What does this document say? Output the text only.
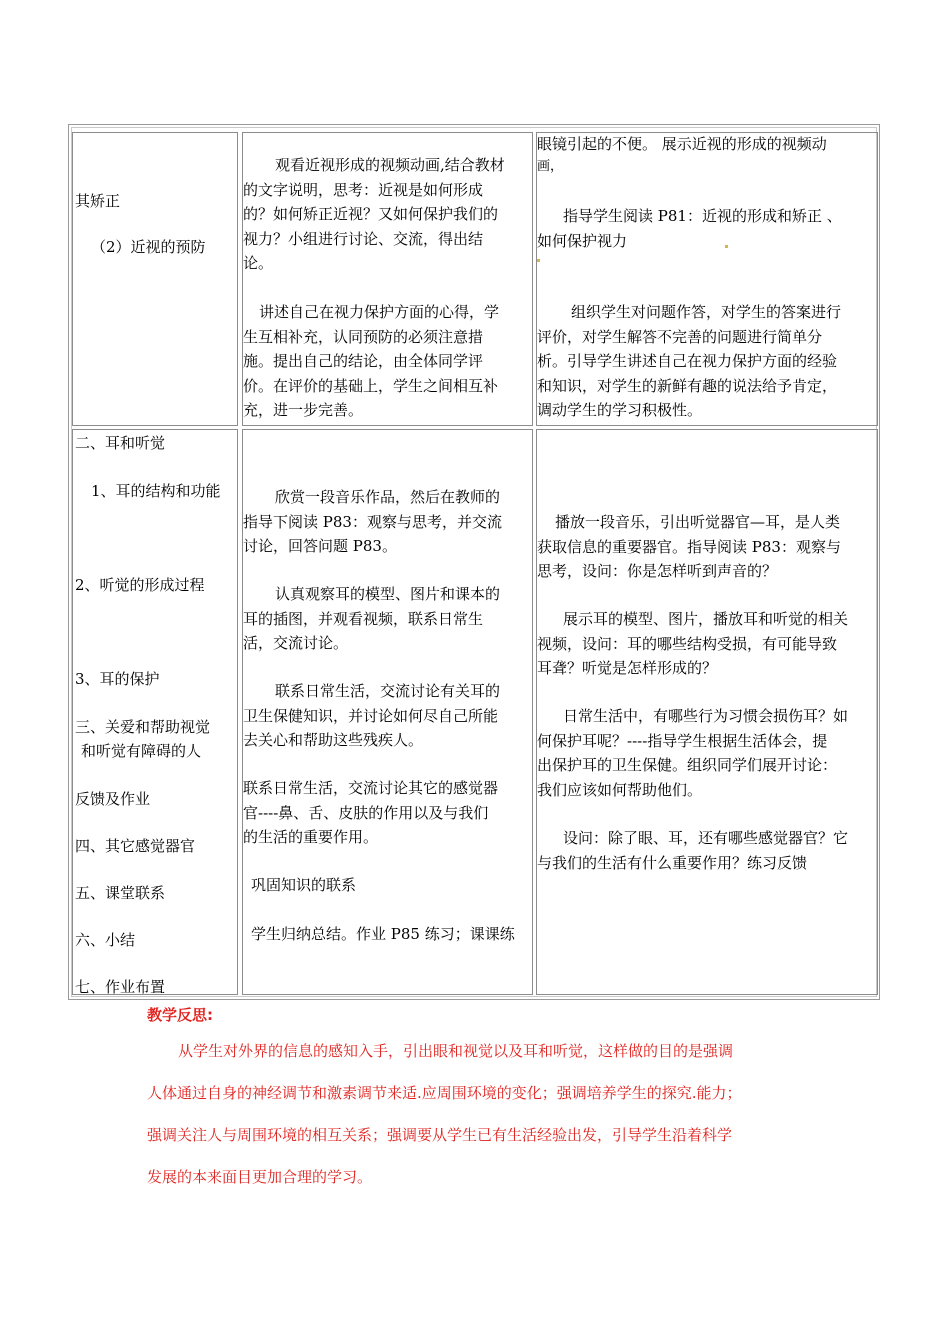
其矫正
（2）近视的预防
观看近视形成的视频动画,结合教材
的文字说明，思考：近视是如何形成
的？如何矫正近视？又如何保护我们的
视力？小组进行讨论、交流，得出结
论。
讲述自己在视力保护方面的心得，学
生互相补充，认同预防的必须注意措
施。提出自己的结论，由全体同学评
价。在评价的基础上，学生之间相互补
充，进一步完善。
眼镜引起的不便。 展示近视的形成的视频动
画，
指导学生阅读 P81：近视的形成和矫正 、
如何保护视力
组织学生对问题作答，对学生的答案进行
评价，对学生解答不完善的问题进行简单分
析。引导学生讲述自己在视力保护方面的经验
和知识，对学生的新鲜有趣的说法给予肯定，
调动学生的学习积极性。
二、耳和听觉
1、耳的结构和功能
2、听觉的形成过程
3、耳的保护
三、关爱和帮助视觉
和听觉有障碍的人
反馈及作业
四、其它感觉器官
五、课堂联系
六、小结
七、作业布置
欣赏一段音乐作品，然后在教师的
指导下阅读 P83：观察与思考，并交流
讨论，回答问题 P83。
认真观察耳的模型、图片和课本的
耳的插图，并观看视频，联系日常生
活，交流讨论。
联系日常生活，交流讨论有关耳的
卫生保健知识，并讨论如何尽自己所能
去关心和帮助这些残疾人。
联系日常生活，交流讨论其它的感觉器
官----鼻、舌、皮肤的作用以及与我们
的生活的重要作用。
巩固知识的联系
学生归纳总结。作业 P85 练习；课课练
播放一段音乐，引出听觉器官—耳，是人类
获取信息的重要器官。指导阅读 P83：观察与
思考，设问：你是怎样听到声音的？
展示耳的模型、图片，播放耳和听觉的相关
视频，设问：耳的哪些结构受损，有可能导致
耳聋？听觉是怎样形成的？
日常生活中，有哪些行为习惯会损伤耳？如
何保护耳呢？----指导学生根据生活体会，提
出保护耳的卫生保健。组织同学们展开讨论：
我们应该如何帮助他们。
设问：除了眼、耳，还有哪些感觉器官？它
与我们的生活有什么重要作用？练习反馈
教学反思:
从学生对外界的信息的感知入手，引出眼和视觉以及耳和听觉，这样做的目的是强调
人体通过自身的神经调节和激素调节来适.应周围环境的变化；强调培养学生的探究.能力；
强调关注人与周围环境的相互关系；强调要从学生已有生活经验出发，引导学生沿着科学
发展的本来面目更加合理的学习。
